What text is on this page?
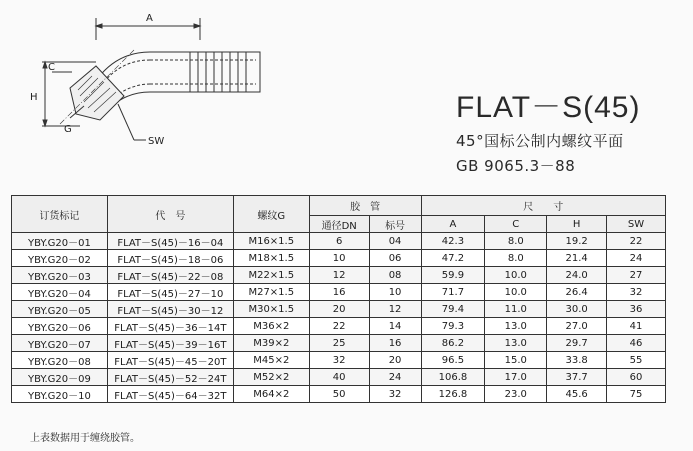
A
C
H
G
SW
FLAT－S(45)
45°国标公制内螺纹平面
GB 9065.3－88
订货标记	代　号	螺纹G	胶　管		尺　　寸			
			通径DN	标号	A	C	H	SW
YBY.G20－01	FLAT－S(45)－16－04	M16×1.5	6	04	42.3	8.0	19.2	22
YBY.G20－02	FLAT－S(45)－18－06	M18×1.5	10	06	47.2	8.0	21.4	24
YBY.G20－03	FLAT－S(45)－22－08	M22×1.5	12	08	59.9	10.0	24.0	27
YBY.G20－04	FLAT－S(45)－27－10	M27×1.5	16	10	71.7	10.0	26.4	32
YBY.G20－05	FLAT－S(45)－30－12	M30×1.5	20	12	79.4	11.0	30.0	36
YBY.G20－06	FLAT－S(45)－36－14T	M36×2	22	14	79.3	13.0	27.0	41
YBY.G20－07	FLAT－S(45)－39－16T	M39×2	25	16	86.2	13.0	29.7	46
YBY.G20－08	FLAT－S(45)－45－20T	M45×2	32	20	96.5	15.0	33.8	55
YBY.G20－09	FLAT－S(45)－52－24T	M52×2	40	24	106.8	17.0	37.7	60
YBY.G20－10	FLAT－S(45)－64－32T	M64×2	50	32	126.8	23.0	45.6	75
上表数据用于缠绕胶管。
